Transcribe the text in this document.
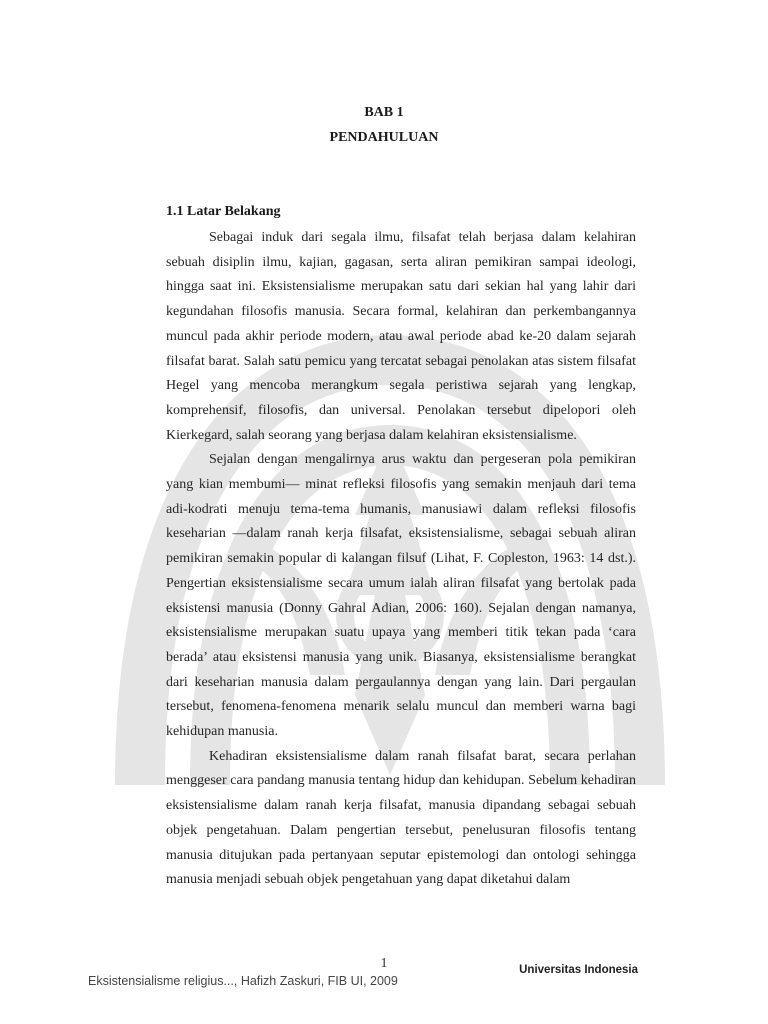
BAB 1
PENDAHULUAN
1.1 Latar Belakang

Sebagai induk dari segala ilmu, filsafat telah berjasa dalam kelahiran sebuah disiplin ilmu, kajian, gagasan, serta aliran pemikiran sampai ideologi, hingga saat ini. Eksistensialisme merupakan satu dari sekian hal yang lahir dari kegundahan filosofis manusia. Secara formal, kelahiran dan perkembangannya muncul pada akhir periode modern, atau awal periode abad ke-20 dalam sejarah filsafat barat. Salah satu pemicu yang tercatat sebagai penolakan atas sistem filsafat Hegel yang mencoba merangkum segala peristiwa sejarah yang lengkap, komprehensif, filosofis, dan universal. Penolakan tersebut dipelopori oleh Kierkegard, salah seorang yang berjasa dalam kelahiran eksistensialisme.

Sejalan dengan mengalirnya arus waktu dan pergeseran pola pemikiran yang kian membumi— minat refleksi filosofis yang semakin menjauh dari tema adi-kodrati menuju tema-tema humanis, manusiawi dalam refleksi filosofis keseharian —dalam ranah kerja filsafat, eksistensialisme, sebagai sebuah aliran pemikiran semakin popular di kalangan filsuf (Lihat, F. Copleston, 1963: 14 dst.). Pengertian eksistensialisme secara umum ialah aliran filsafat yang bertolak pada eksistensi manusia (Donny Gahral Adian, 2006: 160). Sejalan dengan namanya, eksistensialisme merupakan suatu upaya yang memberi titik tekan pada ‘cara berada’ atau eksistensi manusia yang unik. Biasanya, eksistensialisme berangkat dari keseharian manusia dalam pergaulannya dengan yang lain. Dari pergaulan tersebut, fenomena-fenomena menarik selalu muncul dan memberi warna bagi kehidupan manusia.

Kehadiran eksistensialisme dalam ranah filsafat barat, secara perlahan menggeser cara pandang manusia tentang hidup dan kehidupan. Sebelum kehadiran eksistensialisme dalam ranah kerja filsafat, manusia dipandang sebagai sebuah objek pengetahuan. Dalam pengertian tersebut, penelusuran filosofis tentang manusia ditujukan pada pertanyaan seputar epistemologi dan ontologi sehingga manusia menjadi sebuah objek pengetahuan yang dapat diketahui dalam

1
Eksistensialisme religius..., Hafizh Zaskuri, FIB UI, 2009
Universitas Indonesia
